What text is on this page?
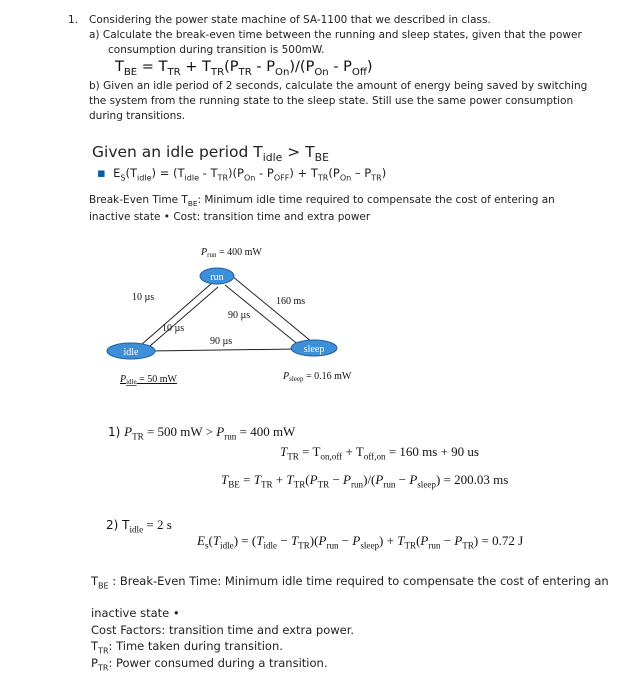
1. Considering the power state machine of SA-1100 that we described in class.
a) Calculate the break-even time between the running and sleep states, given that the power
consumption during transition is 500mW.
$T_{BE} = T_{TR} + T_{TR}(P_{TR} - P_{On})/(P_{On} - P_{Off})$
b) Given an idle period of 2 seconds, calculate the amount of energy being saved by switching
the system from the running state to the sleep state. Still use the same power consumption
during transitions.
Given an idle period $T_{idle} > T_{BE}$
▪  $E_S(T_{idle}) = (T_{idle} - T_{TR})(P_{On} - P_{OFF}) + T_{TR}(P_{On} - P_{TR})$
Break-Even Time $T_{BE}$: Minimum idle time required to compensate the cost of entering an
inactive state • Cost: transition time and extra power
run
idle	sleep
$P_{run} = 400$ mW
10 µs
10 µs
160 ms
90 µs
90 µs
$P_{idle} = 50$ mW	$P_{sleep} = 0.16$ mW
1) $P_{TR} = 500$ mW > $P_{run} = 400$ mW
$T_{TR} = T_{on,off} + T_{off,on} = 160$ ms + 90 us
$T_{BE} = T_{TR} + T_{TR}(P_{TR} - P_{run})/(P_{run} - P_{sleep}) = 200.03$ ms
2) $T_{idle} = 2$ s
$E_s(T_{idle}) = (T_{idle} - T_{TR})(P_{run} - P_{sleep}) + T_{TR}(P_{run} - P_{TR}) = 0.72$ J
$T_{BE}$ : Break-Even Time: Minimum idle time required to compensate the cost of entering an
inactive state •
Cost Factors: transition time and extra power.
$T_{TR}$: Time taken during transition.
$P_{TR}$: Power consumed during a transition.
